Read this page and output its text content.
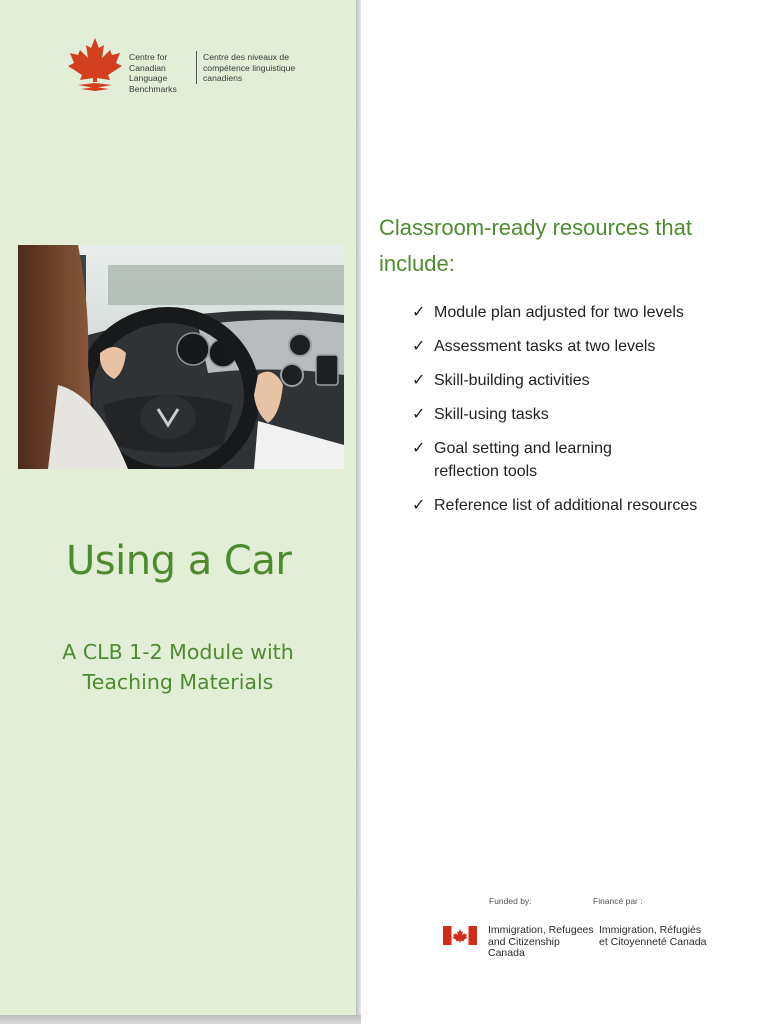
Centre for
Canadian Language
Benchmarks
Centre des niveaux de
compétence linguistique
canadiens
Using a Car
A CLB 1-2 Module with
Teaching Materials
Classroom-ready resources that include:
✓ Module plan adjusted for two levels
✓ Assessment tasks at two levels
✓ Skill-building activities
✓ Skill-using tasks
✓ Goal setting and learning
reflection tools
✓ Reference list of additional resources
Funded by:	Financé par :
Immigration, Refugees
and Citizenship Canada
Immigration, Réfugiés
et Citoyenneté Canada
